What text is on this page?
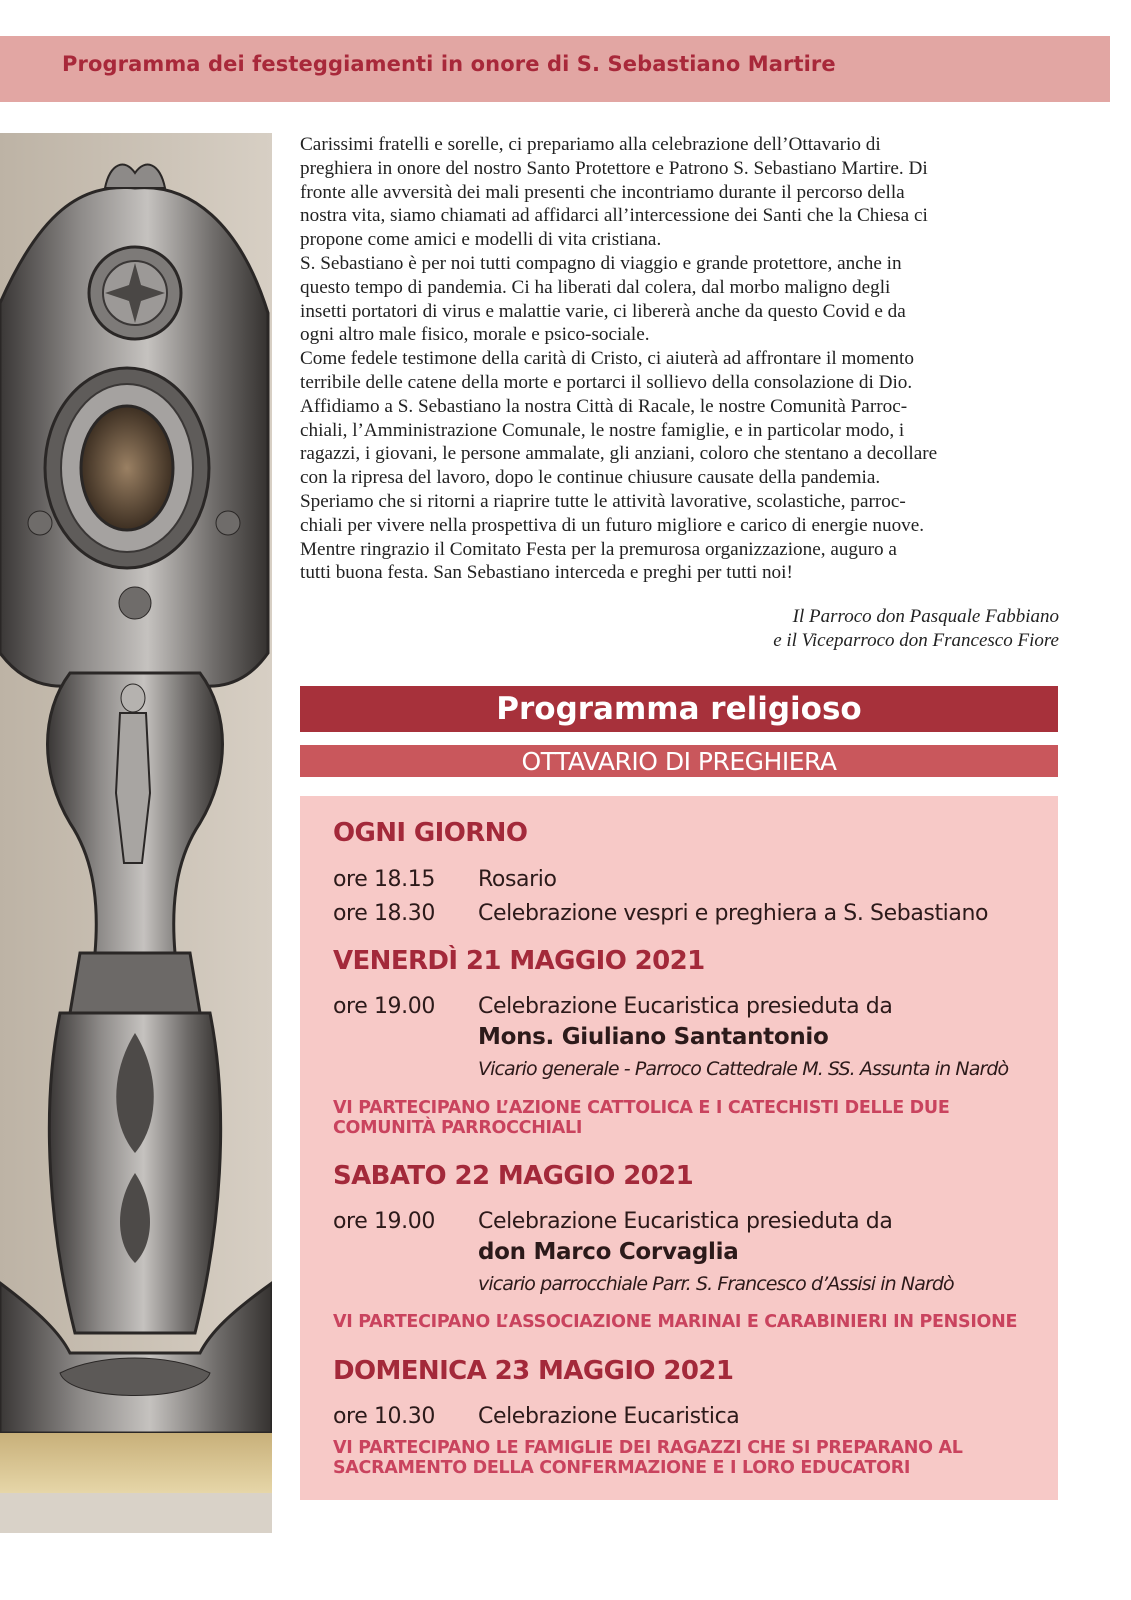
Programma dei festeggiamenti in onore di S. Sebastiano Martire

Carissimi fratelli e sorelle, ci prepariamo alla celebrazione dell’Ottavario di

preghiera in onore del nostro Santo Protettore e Patrono S. Sebastiano Martire. Di

fronte alle avversità dei mali presenti che incontriamo durante il percorso della

nostra vita, siamo chiamati ad affidarci all’intercessione dei Santi che la Chiesa ci

propone come amici e modelli di vita cristiana.

S. Sebastiano è per noi tutti compagno di viaggio e grande protettore, anche in

questo tempo di pandemia. Ci ha liberati dal colera, dal morbo maligno degli

insetti portatori di virus e malattie varie, ci libererà anche da questo Covid e da

ogni altro male fisico, morale e psico-sociale.

Come fedele testimone della carità di Cristo, ci aiuterà ad affrontare il momento

terribile delle catene della morte e portarci il sollievo della consolazione di Dio.

Affidiamo a S. Sebastiano la nostra Città di Racale, le nostre Comunità Parroc-

chiali, l’Amministrazione Comunale, le nostre famiglie, e in particolar modo, i

ragazzi, i giovani, le persone ammalate, gli anziani, coloro che stentano a decollare

con la ripresa del lavoro, dopo le continue chiusure causate della pandemia.

Speriamo che si ritorni a riaprire tutte le attività lavorative, scolastiche, parroc-

chiali per vivere nella prospettiva di un futuro migliore e carico di energie nuove.

Mentre ringrazio il Comitato Festa per la premurosa organizzazione, auguro a

tutti buona festa. San Sebastiano interceda e preghi per tutti noi!

Il Parroco don Pasquale Fabbiano
e il Viceparroco don Francesco Fiore
Programma religioso
OTTAVARIO DI PREGHIERA
OGNI GIORNO
ore 18.15 Rosario
ore 18.30 Celebrazione vespri e preghiera a S. Sebastiano
VENERDÌ 21 MAGGIO 2021
ore 19.00 Celebrazione Eucaristica presieduta da
Mons. Giuliano Santantonio
Vicario generale - Parroco Cattedrale M. SS. Assunta in Nardò
VI PARTECIPANO L’AZIONE CATTOLICA E I CATECHISTI DELLE DUE
COMUNITÀ PARROCCHIALI
SABATO 22 MAGGIO 2021
ore 19.00 Celebrazione Eucaristica presieduta da
don Marco Corvaglia
vicario parrocchiale Parr. S. Francesco d’Assisi in Nardò
VI PARTECIPANO L’ASSOCIAZIONE MARINAI E CARABINIERI IN PENSIONE
DOMENICA 23 MAGGIO 2021
ore 10.30 Celebrazione Eucaristica
VI PARTECIPANO LE FAMIGLIE DEI RAGAZZI CHE SI PREPARANO AL
SACRAMENTO DELLA CONFERMAZIONE E I LORO EDUCATORI
